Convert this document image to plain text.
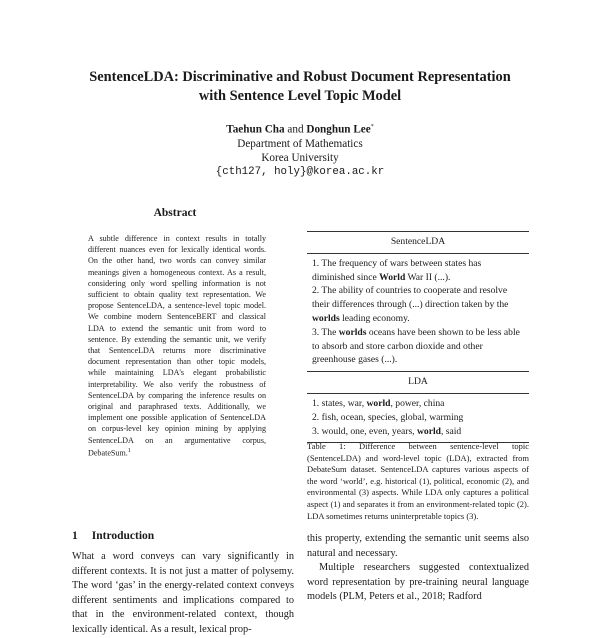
SentenceLDA: Discriminative and Robust Document Representation
with Sentence Level Topic Model
Taehun Cha and Donghun Lee*
Department of Mathematics
Korea University
{cth127, holy}@korea.ac.kr
Abstract
A subtle difference in context results in totally different nuances even for lexically identical words. On the other hand, two words can convey similar meanings given a homogeneous context. As a result, considering only word spelling information is not sufficient to obtain quality text representation. We propose SentenceLDA, a sentence-level topic model. We combine modern SentenceBERT and classical LDA to extend the semantic unit from word to sentence. By extending the semantic unit, we verify that SentenceLDA returns more discriminative document representation than other topic models, while maintaining LDA's elegant probabilistic interpretability. We also verify the robustness of SentenceLDA by comparing the inference results on original and paraphrased texts. Additionally, we implement one possible application of SentenceLDA on corpus-level key opinion mining by applying SentenceLDA on an argumentative corpus, DebateSum.$^1$
SentenceLDA

1. The frequency of wars between states has diminished since World War II (...).
2. The ability of countries to cooperate and resolve their differences through (...) direction taken by the worlds leading economy.
3. The worlds oceans have been shown to be less able to absorb and store carbon dioxide and other greenhouse gases (...).

LDA

1. states, war, world, power, china
2. fish, ocean, species, global, warming
3. would, one, even, years, world, said
Table 1: Difference between sentence-level topic (SentenceLDA) and word-level topic (LDA), extracted from DebateSum dataset. SentenceLDA captures various aspects of the word ‘world’, e.g. historical (1), political, economic (2), and environmental (3) aspects. While LDA only captures a political aspect (1) and separates it from an environment-related topic (2). LDA sometimes returns uninterpretable topics (3).
1 Introduction
What a word conveys can vary significantly in different contexts. It is not just a matter of polysemy. The word ‘gas’ in the energy-related context conveys different sentiments and implications compared to that in the environment-related context, though lexically identical. As a result, lexical prop-

this property, extending the semantic unit seems also natural and necessary.

Multiple researchers suggested contextualized word representation by pre-training neural language models (PLM, Peters et al., 2018; Radford
